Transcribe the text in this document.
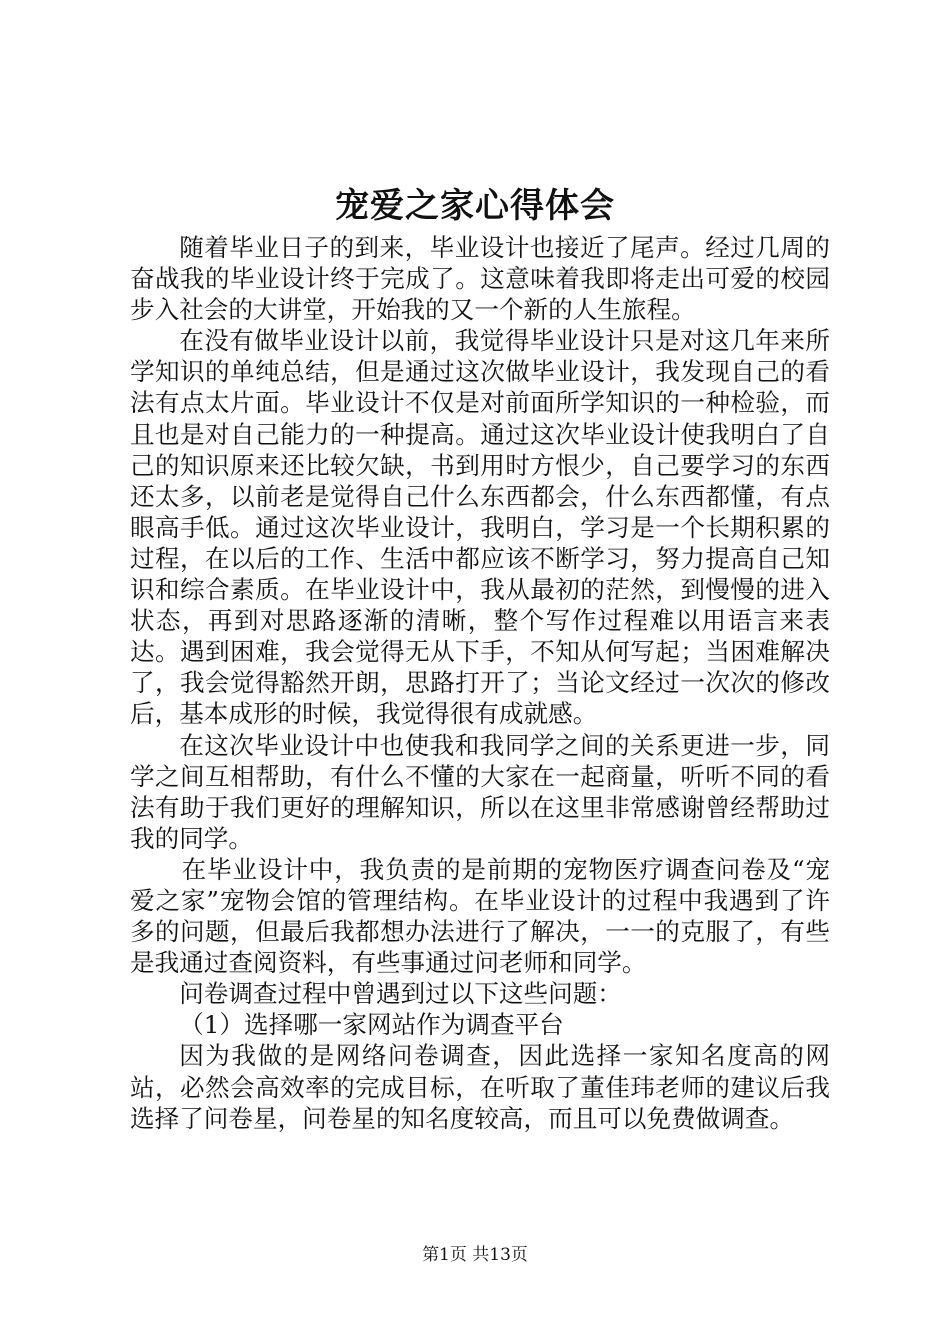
宠爱之家心得体会

随着毕业日子的到来，毕业设计也接近了尾声。经过几周的奋战我的毕业设计终于完成了。这意味着我即将走出可爱的校园步入社会的大讲堂，开始我的又一个新的人生旅程。

在没有做毕业设计以前，我觉得毕业设计只是对这几年来所学知识的单纯总结，但是通过这次做毕业设计，我发现自己的看法有点太片面。毕业设计不仅是对前面所学知识的一种检验，而且也是对自己能力的一种提高。通过这次毕业设计使我明白了自己的知识原来还比较欠缺，书到用时方恨少，自己要学习的东西还太多，以前老是觉得自己什么东西都会，什么东西都懂，有点眼高手低。通过这次毕业设计，我明白，学习是一个长期积累的过程，在以后的工作、生活中都应该不断学习，努力提高自己知识和综合素质。在毕业设计中，我从最初的茫然，到慢慢的进入状态，再到对思路逐渐的清晰，整个写作过程难以用语言来表达。遇到困难，我会觉得无从下手，不知从何写起；当困难解决了，我会觉得豁然开朗，思路打开了；当论文经过一次次的修改后，基本成形的时候，我觉得很有成就感。

在这次毕业设计中也使我和我同学之间的关系更进一步，同学之间互相帮助，有什么不懂的大家在一起商量，听听不同的看法有助于我们更好的理解知识，所以在这里非常感谢曾经帮助过我的同学。

在毕业设计中，我负责的是前期的宠物医疗调查问卷及“宠爱之家”宠物会馆的管理结构。在毕业设计的过程中我遇到了许多的问题，但最后我都想办法进行了解决，一一的克服了，有些是我通过查阅资料，有些事通过问老师和同学。

问卷调查过程中曾遇到过以下这些问题：

（1）选择哪一家网站作为调查平台

因为我做的是网络问卷调查，因此选择一家知名度高的网站，必然会高效率的完成目标，在听取了董佳玮老师的建议后我选择了问卷星，问卷星的知名度较高，而且可以免费做调查。

第1页 共13页
